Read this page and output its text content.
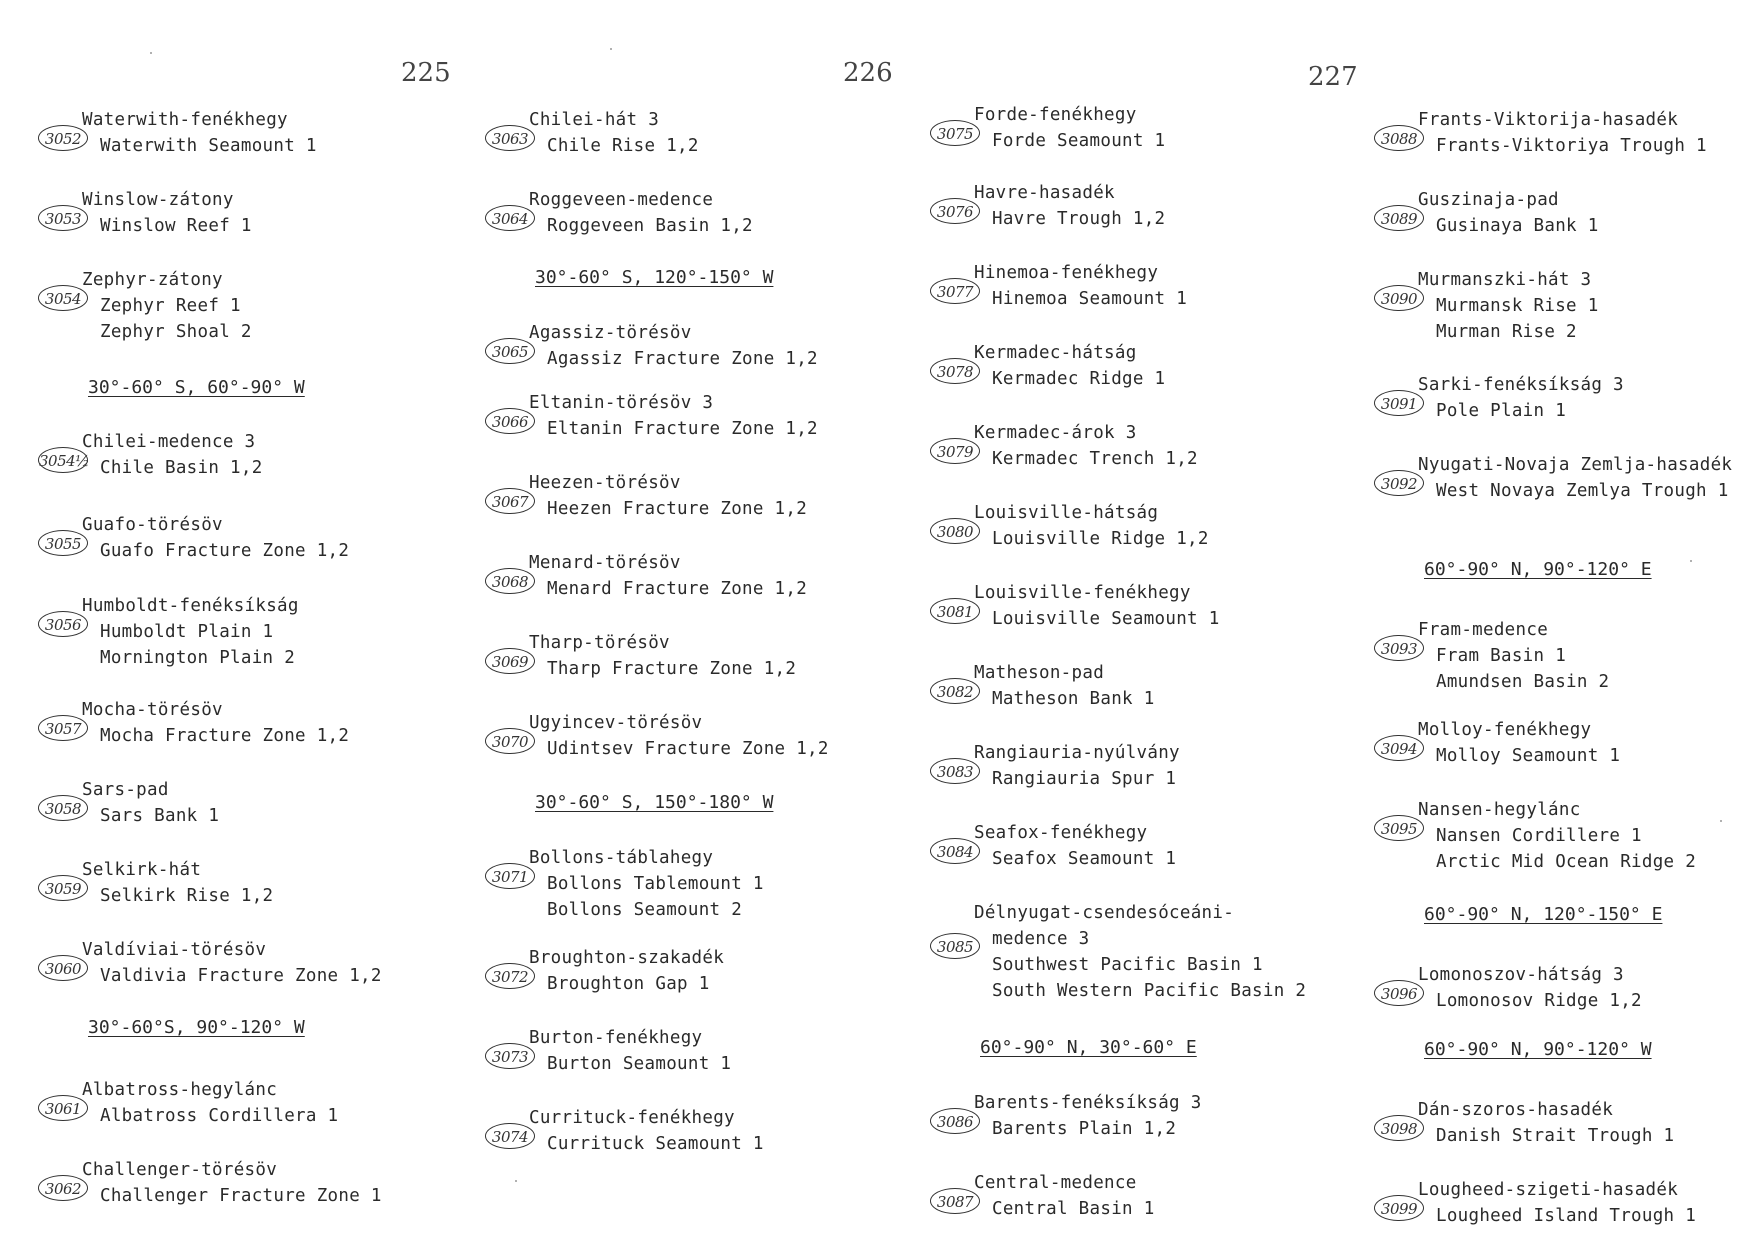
225	226	227
3052
Waterwith-fenékhegy
Waterwith Seamount 1
3053
Winslow-zátony
Winslow Reef 1
3054
Zephyr-zátony
Zephyr Reef 1
Zephyr Shoal 2
30°-60° S, 60°-90° W
3054½
Chilei-medence 3
Chile Basin 1,2
3055
Guafo-törésöv
Guafo Fracture Zone 1,2
3056
Humboldt-fenéksíkság
Humboldt Plain 1
Mornington Plain 2
3057
Mocha-törésöv
Mocha Fracture Zone 1,2
3058
Sars-pad
Sars Bank 1
3059
Selkirk-hát
Selkirk Rise 1,2
3060
Valdíviai-törésöv
Valdivia Fracture Zone 1,2
30°-60°S, 90°-120° W
3061
Albatross-hegylánc
Albatross Cordillera 1
3062
Challenger-törésöv
Challenger Fracture Zone 1
3063
Chilei-hát 3
Chile Rise 1,2
3064
Roggeveen-medence
Roggeveen Basin 1,2
30°-60° S, 120°-150° W
3065
Agassiz-törésöv
Agassiz Fracture Zone 1,2
3066
Eltanin-törésöv 3
Eltanin Fracture Zone 1,2
3067
Heezen-törésöv
Heezen Fracture Zone 1,2
3068
Menard-törésöv
Menard Fracture Zone 1,2
3069
Tharp-törésöv
Tharp Fracture Zone 1,2
3070
Ugyincev-törésöv
Udintsev Fracture Zone 1,2
30°-60° S, 150°-180° W
3071
Bollons-táblahegy
Bollons Tablemount 1
Bollons Seamount 2
3072
Broughton-szakadék
Broughton Gap 1
3073
Burton-fenékhegy
Burton Seamount 1
3074
Currituck-fenékhegy
Currituck Seamount 1
3075
Forde-fenékhegy
Forde Seamount 1
3076
Havre-hasadék
Havre Trough 1,2
3077
Hinemoa-fenékhegy
Hinemoa Seamount 1
3078
Kermadec-hátság
Kermadec Ridge 1
3079
Kermadec-árok 3
Kermadec Trench 1,2
3080
Louisville-hátság
Louisville Ridge 1,2
3081
Louisville-fenékhegy
Louisville Seamount 1
3082
Matheson-pad
Matheson Bank 1
3083
Rangiauria-nyúlvány
Rangiauria Spur 1
3084
Seafox-fenékhegy
Seafox Seamount 1
3085
Délnyugat-csendesóceáni-
medence 3
Southwest Pacific Basin 1
South Western Pacific Basin 2
60°-90° N, 30°-60° E
3086
Barents-fenéksíkság 3
Barents Plain 1,2
3087
Central-medence
Central Basin 1
3088
Frants-Viktorija-hasadék
Frants-Viktoriya Trough 1
3089
Guszinaja-pad
Gusinaya Bank 1
3090
Murmanszki-hát 3
Murmansk Rise 1
Murman Rise 2
3091
Sarki-fenéksíkság 3
Pole Plain 1
3092
Nyugati-Novaja Zemlja-hasadék
West Novaya Zemlya Trough 1
60°-90° N, 90°-120° E
3093
Fram-medence
Fram Basin 1
Amundsen Basin 2
3094
Molloy-fenékhegy
Molloy Seamount 1
3095
Nansen-hegylánc
Nansen Cordillere 1
Arctic Mid Ocean Ridge 2
60°-90° N, 120°-150° E
3096
Lomonoszov-hátság 3
Lomonosov Ridge 1,2
60°-90° N, 90°-120° W
3098
Dán-szoros-hasadék
Danish Strait Trough 1
3099
Lougheed-szigeti-hasadék
Lougheed Island Trough 1
